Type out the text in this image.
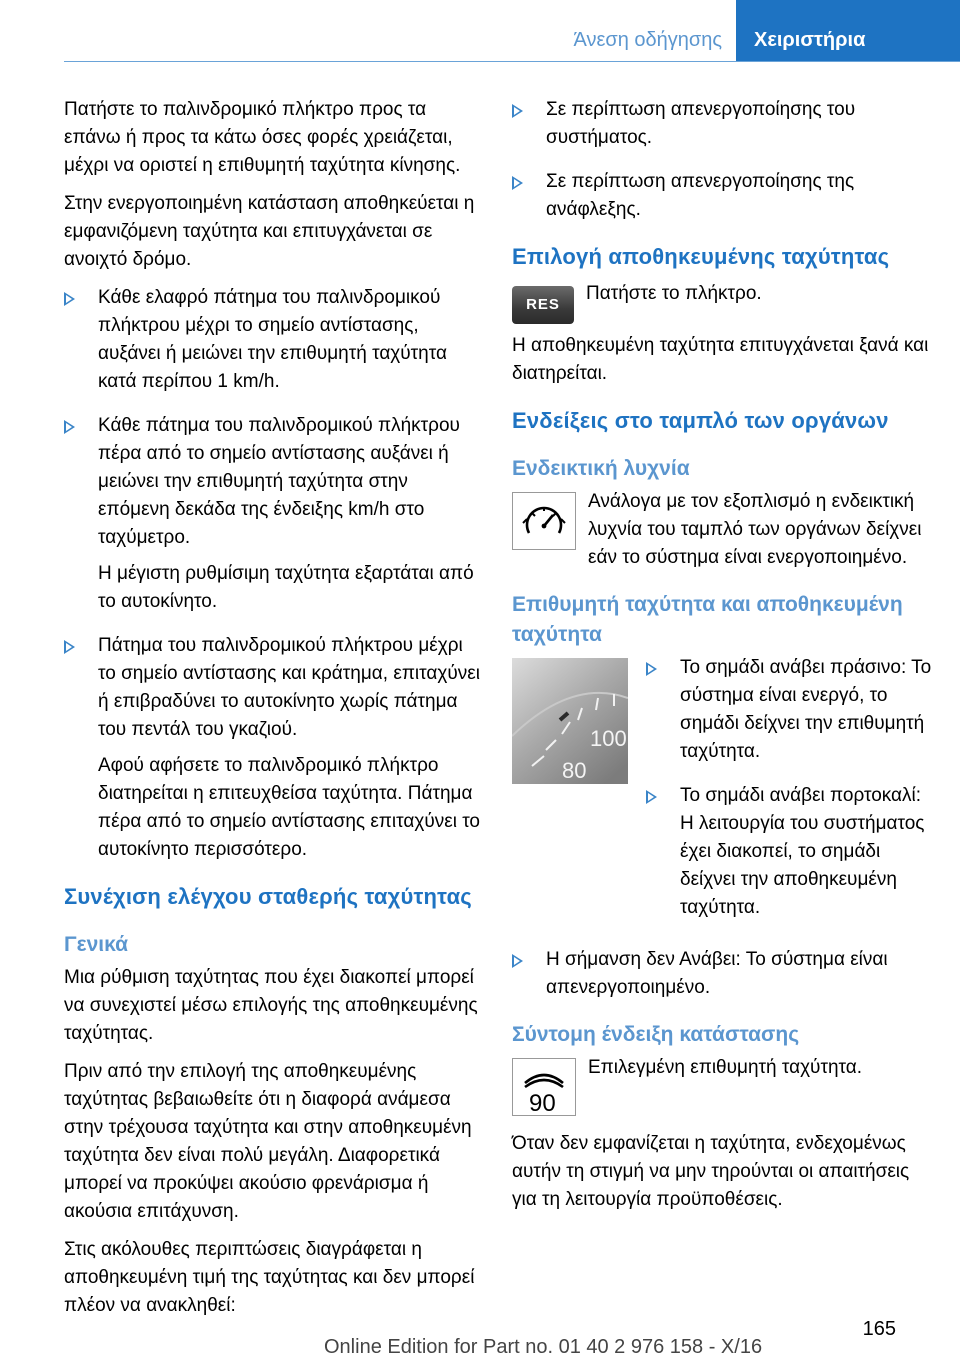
Άνεση οδήγησης	Χειριστήρια

Πατήστε το παλινδρομικό πλήκτρο προς τα επάνω ή προς τα κάτω όσες φορές χρειάζεται, μέχρι να οριστεί η επιθυμητή ταχύτητα κίνησης.

Στην ενεργοποιημένη κατάσταση αποθηκεύεται η εμφανιζόμενη ταχύτητα και επιτυγχάνεται σε ανοιχτό δρόμο.

Κάθε ελαφρό πάτημα του παλινδρομικού πλήκτρου μέχρι το σημείο αντίστασης, αυξάνει ή μειώνει την επιθυμητή ταχύτητα κατά περίπου 1 km/h.

Κάθε πάτημα του παλινδρομικού πλήκτρου πέρα από το σημείο αντίστασης αυξάνει ή μειώνει την επιθυμητή ταχύτητα στην επόμενη δεκάδα της ένδειξης km/h στο ταχύμετρο.

Η μέγιστη ρυθμίσιμη ταχύτητα εξαρτάται από το αυτοκίνητο.

Πάτημα του παλινδρομικού πλήκτρου μέχρι το σημείο αντίστασης και κράτημα, επιταχύνει ή επιβραδύνει το αυτοκίνητο χωρίς πάτημα του πεντάλ του γκαζιού.

Αφού αφήσετε το παλινδρομικό πλήκτρο διατηρείται η επιτευχθείσα ταχύτητα. Πάτημα πέρα από το σημείο αντίστασης επιταχύνει το αυτοκίνητο περισσότερο.

Συνέχιση ελέγχου σταθερής ταχύτητας
Γενικά

Μια ρύθμιση ταχύτητας που έχει διακοπεί μπορεί να συνεχιστεί μέσω επιλογής της αποθηκευμένης ταχύτητας.

Πριν από την επιλογή της αποθηκευμένης ταχύτητας βεβαιωθείτε ότι η διαφορά ανάμεσα στην τρέχουσα ταχύτητα και στην αποθηκευμένη ταχύτητα δεν είναι πολύ μεγάλη. Διαφορετικά μπορεί να προκύψει ακούσιο φρενάρισμα ή ακούσια επιτάχυνση.

Στις ακόλουθες περιπτώσεις διαγράφεται η αποθηκευμένη τιμή της ταχύτητας και δεν μπορεί πλέον να ανακληθεί:

Σε περίπτωση απενεργοποίησης του συστήματος.

Σε περίπτωση απενεργοποίησης της ανάφλεξης.

Επιλογή αποθηκευμένης ταχύτητας
RES
Πατήστε το πλήκτρο.

Η αποθηκευμένη ταχύτητα επιτυγχάνεται ξανά και διατηρείται.

Ενδείξεις στο ταμπλό των οργάνων
Ενδεικτική λυχνία
Ανάλογα με τον εξοπλισμό η ενδεικτική λυχνία του ταμπλό των οργάνων δείχνει εάν το σύστημα είναι ενεργοποιημένο.
Επιθυμητή ταχύτητα και αποθηκευμένη ταχύτητα
100
80

Το σημάδι ανάβει πράσινο: Το σύστημα είναι ενεργό, το σημάδι δείχνει την επιθυμητή ταχύτητα.

Το σημάδι ανάβει πορτοκαλί: Η λειτουργία του συστήματος έχει διακοπεί, το σημάδι δείχνει την αποθηκευμένη ταχύτητα.

Η σήμανση δεν Ανάβει: Το σύστημα είναι απενεργοποιημένο.

Σύντομη ένδειξη κατάστασης
90
Επιλεγμένη επιθυμητή ταχύτητα.

Όταν δεν εμφανίζεται η ταχύτητα, ενδεχομένως αυτήν τη στιγμή να μην τηρούνται οι απαιτήσεις για τη λειτουργία προϋποθέσεις.

165
Online Edition for Part no. 01 40 2 976 158 - X/16
